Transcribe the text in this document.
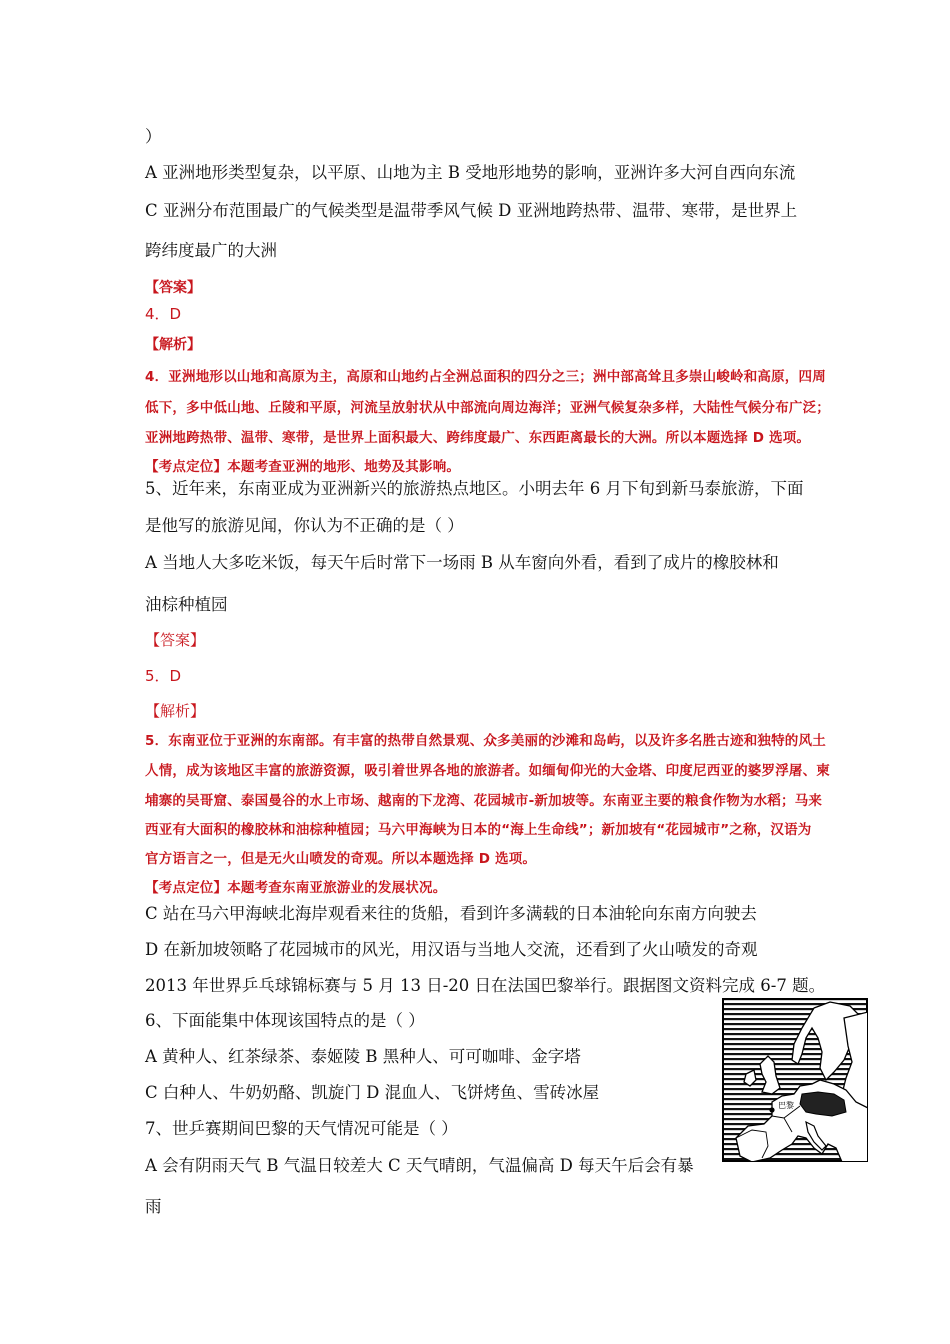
）
A 亚洲地形类型复杂，以平原、山地为主 B 受地形地势的影响，亚洲许多大河自西向东流
C 亚洲分布范围最广的气候类型是温带季风气候 D 亚洲地跨热带、温带、寒带，是世界上
跨纬度最广的大洲
【答案】
4．D
【解析】
4．亚洲地形以山地和高原为主，高原和山地约占全洲总面积的四分之三；洲中部高耸且多崇山峻岭和高原，四周
低下，多中低山地、丘陵和平原，河流呈放射状从中部流向周边海洋；亚洲气候复杂多样，大陆性气候分布广泛；
亚洲地跨热带、温带、寒带，是世界上面积最大、跨纬度最广、东西距离最长的大洲。所以本题选择 D 选项。
【考点定位】本题考查亚洲的地形、地势及其影响。
5、近年来，东南亚成为亚洲新兴的旅游热点地区。小明去年 6 月下旬到新马泰旅游，下面
是他写的旅游见闻，你认为不正确的是（ ）
A 当地人大多吃米饭，每天午后时常下一场雨 B 从车窗向外看，看到了成片的橡胶林和
油棕种植园
【答案】
5．D
【解析】
5．东南亚位于亚洲的东南部。有丰富的热带自然景观、众多美丽的沙滩和岛屿，以及许多名胜古迹和独特的风土
人情，成为该地区丰富的旅游资源，吸引着世界各地的旅游者。如缅甸仰光的大金塔、印度尼西亚的婆罗浮屠、柬
埔寨的吴哥窟、泰国曼谷的水上市场、越南的下龙湾、花园城市-新加坡等。东南亚主要的粮食作物为水稻；马来
西亚有大面积的橡胶林和油棕种植园；马六甲海峡为日本的“海上生命线”；新加坡有“花园城市”之称，汉语为
官方语言之一，但是无火山喷发的奇观。所以本题选择 D 选项。
【考点定位】本题考查东南亚旅游业的发展状况。
C 站在马六甲海峡北海岸观看来往的货船，看到许多满载的日本油轮向东南方向驶去
D 在新加坡领略了花园城市的风光，用汉语与当地人交流，还看到了火山喷发的奇观
2013 年世界乒乓球锦标赛与 5 月 13 日-20 日在法国巴黎举行。跟据图文资料完成 6-7 题。
6、下面能集中体现该国特点的是（ ）
A 黄种人、红茶绿茶、泰姬陵 B 黑种人、可可咖啡、金字塔
C 白种人、牛奶奶酪、凯旋门 D 混血人、飞饼烤鱼、雪砖冰屋
7、世乒赛期间巴黎的天气情况可能是（ ）
A 会有阴雨天气 B 气温日较差大 C 天气晴朗，气温偏高 D 每天午后会有暴
雨
巴黎
